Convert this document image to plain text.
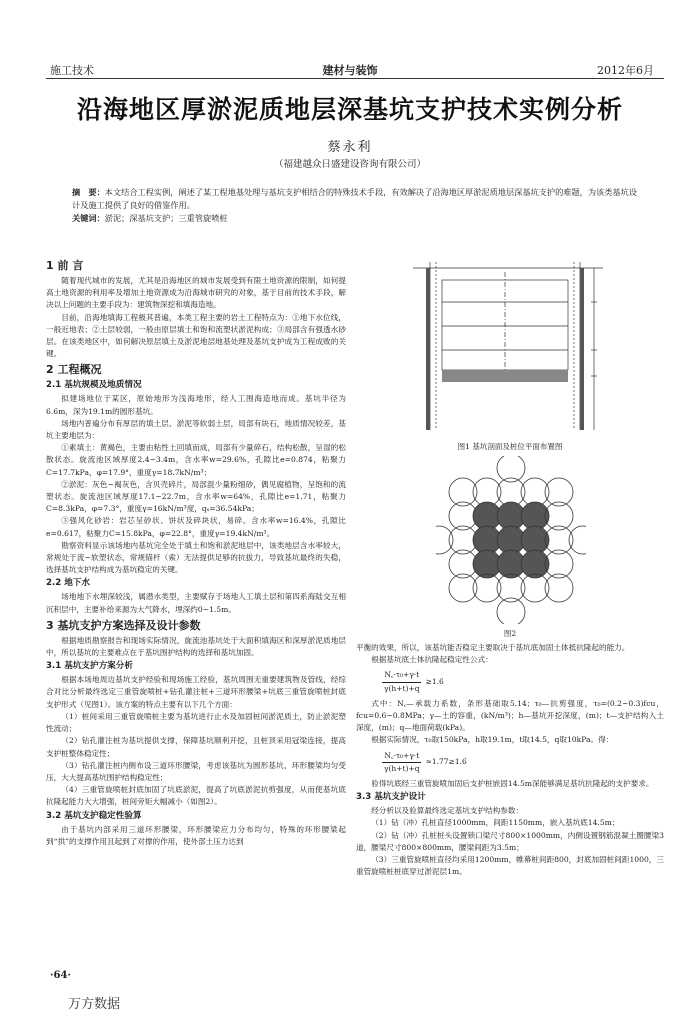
施工技术	建材与装饰	2012年6月
沿海地区厚淤泥质地层深基坑支护技术实例分析
蔡永利
（福建越众日盛建设咨询有限公司）
摘　要：本文结合工程实例，阐述了某工程地基处理与基坑支护相结合的特殊技术手段，有效解决了沿海地区厚淤泥质地层深基坑支护的难题，为该类基坑设计及施工提供了良好的借鉴作用。
关键词：淤泥；深基坑支护；三重管旋喷桩
1 前 言

随着现代城市的发展，尤其是沿海地区的城市发展受到有限土地资源的限制，如何提高土地资源的利用率及增加土地资源成为沿海城市研究的对象，基于目前的技术手段，解决以上问题的主要手段为：建筑物深挖和填海造地。

目前，沿海地填海工程极其普遍，本类工程主要的岩土工程特点为：①地下水位线，一般近地表；②土层较弱，一般由原层填土和饱和流塑状淤泥构成；③局部含有强透水砂层。在该类地区中，如何解决原层填土及淤泥地层地基处理及基坑支护成为工程成败的关键。

2 工程概况
2.1 基坑规模及地质情况

拟建场地位于某区，原始地形为浅海地形，经人工围海造地而成。基坑半径为6.6m，深为19.1m的圆形基坑。

场地内普遍分布有厚层的填土层、淤泥等软弱土层，局部有块石，地质情况较差，基坑主要地层为：

①素填土：黄褐色，主要由粘性土回填而成，局部有少量碎石，结构松散，呈湿的松散状态。旋流池区域厚度2.4~3.4m，含水率w=29.6%，孔隙比e=0.874，粘聚力C=17.7kPa，φ=17.9°，重度γ=18.7kN/m³；

②淤泥：灰色~褐灰色，含贝壳碎片，局部混少量粉细砂，偶见腐植物，呈饱和的流塑状态。旋流池区域厚度17.1~22.7m，含水率w=64%，孔隙比e=1.71，粘聚力C=8.3kPa，φ=7.3°，重度γ=16kN/m³度，qₛ=36.54kPa；

③强风化砂岩：岩芯呈砂状、饼状及碎块状，易碎。含水率w=16.4%，孔隙比e=0.617，粘聚力C=15.8kPa，φ=22.8°，重度γ=19.4kN/m³。

勘察资料显示该场地内基坑完全处于填土和饱和淤泥地层中，该类地层含水率较大，常规处于流~软塑状态，常规锚杆（索）无法提供足够的抗拔力，导致基坑最终的失稳，选择基坑支护结构成为基坑稳定的关键。

2.2 地下水

场地地下水埋深较浅，属潜水类型，主要赋存于场地人工填土层和第四系海陆交互相沉积层中，主要补给来源为大气降水，埋深约0~1.5m。

3 基坑支护方案选择及设计参数

根据地质勘察报告和现场实际情况，旋流池基坑处于大面积填海区和深厚淤泥质地层中，所以基坑的主要难点在于基坑围护结构的选择和基坑加固。

3.1 基坑支护方案分析

根据本场地周边基坑支护经验和现场施工经验，基坑周围无重要建筑物及管线，经综合对比分析最终选定三重管旋喷桩+钻孔灌注桩+三道环形腰梁+坑底三重管旋喷桩封底支护形式（见图1）。该方案的特点主要有以下几个方面：

（1）桩间采用三重管旋喷桩主要为基坑进行止水及加固桩间淤泥质土，防止淤泥塑性流动；

（2）钻孔灌注桩为基坑提供支撑，保障基坑顺利开挖，且桩顶采用冠梁连接，提高支护桩整体稳定性；

（3）钻孔灌注桩内侧布设三道环形腰梁，考虑该基坑为圆形基坑，环形腰梁均匀受压，大大提高基坑围护结构稳定性；

（4）三重管旋喷桩封底加固了坑底淤泥，提高了坑底淤泥抗剪强度，从而使基坑底抗隆起能力大大增强，桩间旁矩大幅减小（如图2）。

3.2 基坑支护稳定性验算

由于基坑内部采用三道环形腰梁，环形腰梁应力分布均匀，特殊的环形腰梁起到“拱”的支撑作用且起到了对撑的作用，使外部土压力达到

图1 基坑剖面及桩位平面布置图
图2

平衡的效果，所以，该基坑能否稳定主要取决于基坑底加固土体抵抗隆起的能力。

根据基坑底土体抗隆起稳定性公式：

$\frac{\text{N꜀·τ₀+γ·t}}{\gamma(h+t)+q} \ge 1.6$

式中：N꜀—承载力系数，条形基础取5.14；τ₀—抗剪强度，τ₀=(0.2~0.3)fcu，fcu=0.6~0.8MPa；γ—土的容重，(kN/m³)；h—基坑开挖深度，(m)；t—支护结构入土深度，(m)；q—地面荷载(kPa)。

根据实际情况，τ₀取150kPa，h取19.1m，t取14.5，q取10kPa。得：

$\frac{\text{N꜀·τ₀+γ·t}}{\gamma(h+t)+q} \approx 1.77\ge 1.6$

验得坑底经三重管旋喷加固后支护桩嵌固14.5m深能够满足基坑抗隆起的支护要求。

3.3 基坑支护设计

经分析以及验算最终选定基坑支护结构参数：

（1）钻（冲）孔桩直径1000mm，间距1150mm，嵌入基坑底14.5m；

（2）钻（冲）孔桩桩头设置锁口梁尺寸800×1000mm，内侧设置钢筋混凝土圈腰梁3道，腰梁尺寸800×800mm，腰梁间距为3.5m；

（3）三重管旋喷桩直径均采用1200mm，帷幕桩间距800，封底加固桩间距1000，三重管旋喷桩桩底穿过淤泥层1m。

·64·
万方数据
